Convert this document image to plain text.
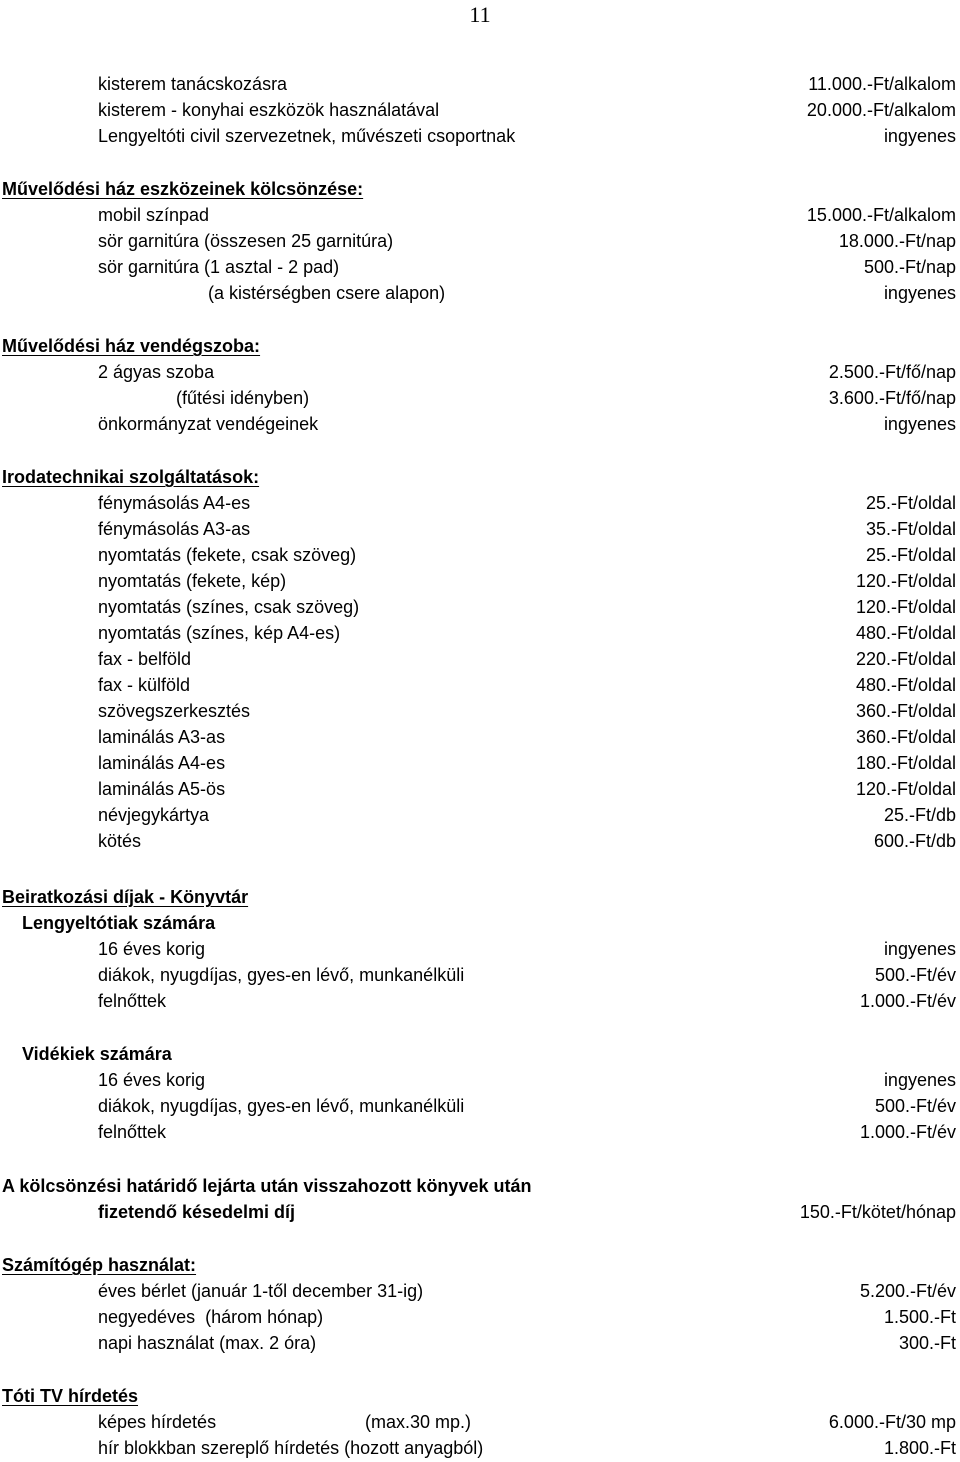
11
kisterem tanácskozásra	11.000.-Ft/alkalom
kisterem - konyhai eszközök használatával	20.000.-Ft/alkalom
Lengyeltóti civil szervezetnek, művészeti csoportnak	ingyenes
Művelődési ház eszközeinek kölcsönzése:
mobil színpad	15.000.-Ft/alkalom
sör garnitúra (összesen 25 garnitúra)	18.000.-Ft/nap
sör garnitúra (1 asztal - 2 pad)	500.-Ft/nap
(a kistérségben csere alapon)	ingyenes
Művelődési ház vendégszoba:
2 ágyas szoba	2.500.-Ft/fő/nap
(fűtési idényben)	3.600.-Ft/fő/nap
önkormányzat vendégeinek	ingyenes
Irodatechnikai szolgáltatások:
fénymásolás A4-es	25.-Ft/oldal
fénymásolás A3-as	35.-Ft/oldal
nyomtatás (fekete, csak szöveg)	25.-Ft/oldal
nyomtatás (fekete, kép)	120.-Ft/oldal
nyomtatás (színes, csak szöveg)	120.-Ft/oldal
nyomtatás (színes, kép A4-es)	480.-Ft/oldal
fax - belföld	220.-Ft/oldal
fax - külföld	480.-Ft/oldal
szövegszerkesztés	360.-Ft/oldal
laminálás A3-as	360.-Ft/oldal
laminálás A4-es	180.-Ft/oldal
laminálás A5-ös	120.-Ft/oldal
névjegykártya	25.-Ft/db
kötés	600.-Ft/db
Beiratkozási díjak - Könyvtár
Lengyeltótiak számára
16 éves korig	ingyenes
diákok, nyugdíjas, gyes-en lévő, munkanélküli	500.-Ft/év
felnőttek	1.000.-Ft/év
Vidékiek számára
16 éves korig	ingyenes
diákok, nyugdíjas, gyes-en lévő, munkanélküli	500.-Ft/év
felnőttek	1.000.-Ft/év
A kölcsönzési határidő lejárta után visszahozott könyvek után
fizetendő késedelmi díj	150.-Ft/kötet/hónap
Számítógép használat:
éves bérlet (január 1-től december 31-ig)	5.200.-Ft/év
negyedéves  (három hónap)	1.500.-Ft
napi használat (max. 2 óra)	300.-Ft
Tóti TV hírdetés
képes hírdetés	(max.30 mp.)	6.000.-Ft/30 mp
hír blokkban szereplő hírdetés (hozott anyagból)	1.800.-Ft
